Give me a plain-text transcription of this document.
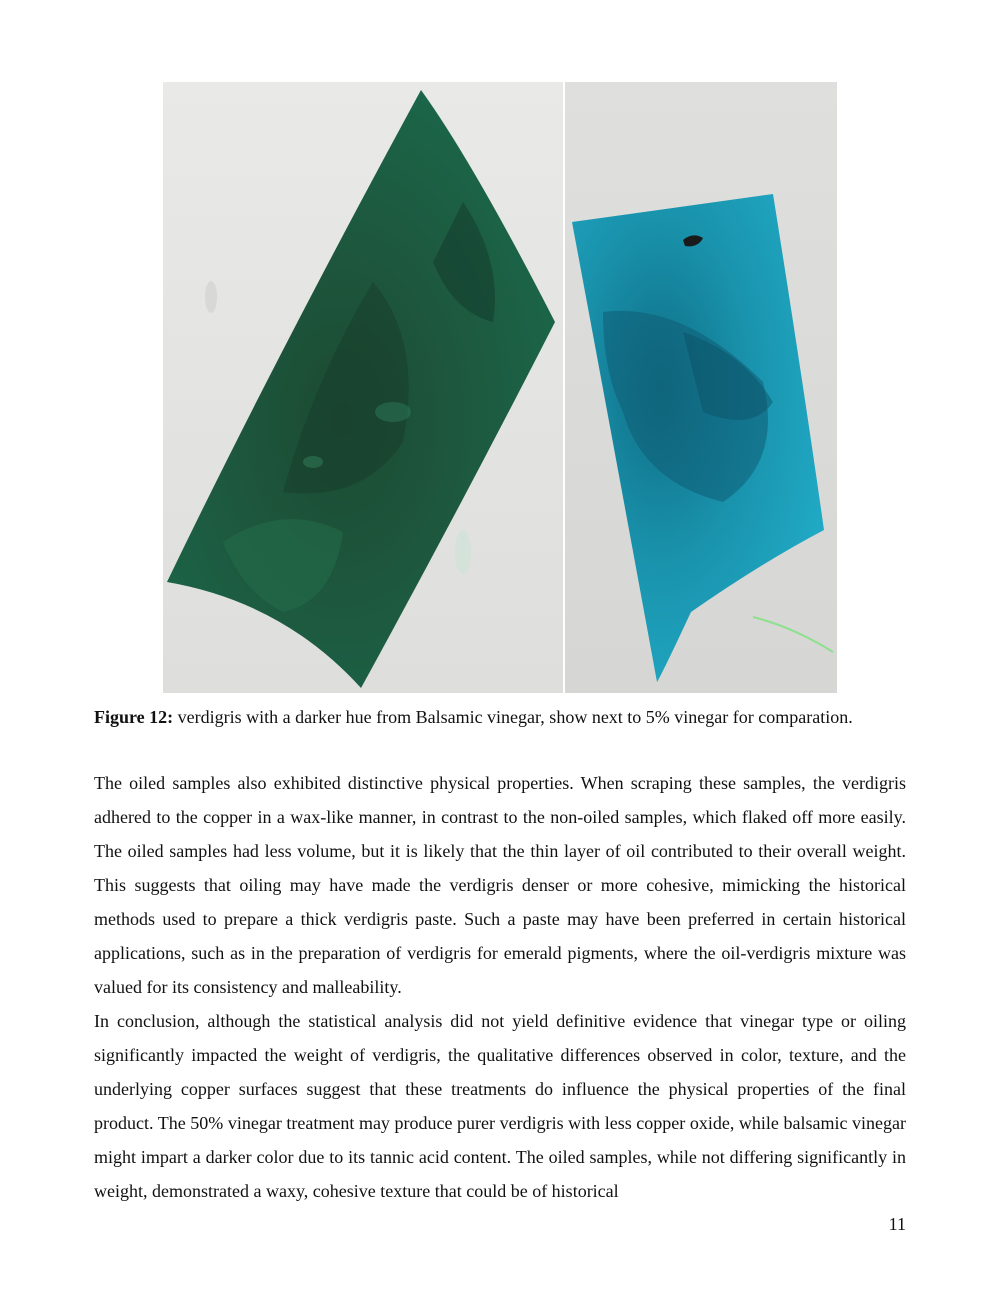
Figure 12: verdigris with a darker hue from Balsamic vinegar, show next to 5% vinegar for comparation.

The oiled samples also exhibited distinctive physical properties. When scraping these samples, the verdigris adhered to the copper in a wax-like manner, in contrast to the non-oiled samples, which flaked off more easily. The oiled samples had less volume, but it is likely that the thin layer of oil contributed to their overall weight. This suggests that oiling may have made the verdigris denser or more cohesive, mimicking the historical methods used to prepare a thick verdigris paste. Such a paste may have been preferred in certain historical applications, such as in the preparation of verdigris for emerald pigments, where the oil-verdigris mixture was valued for its consistency and malleability.

In conclusion, although the statistical analysis did not yield definitive evidence that vinegar type or oiling significantly impacted the weight of verdigris, the qualitative differences observed in color, texture, and the underlying copper surfaces suggest that these treatments do influence the physical properties of the final product. The 50% vinegar treatment may produce purer verdigris with less copper oxide, while balsamic vinegar might impart a darker color due to its tannic acid content. The oiled samples, while not differing significantly in weight, demonstrated a waxy, cohesive texture that could be of historical

11
